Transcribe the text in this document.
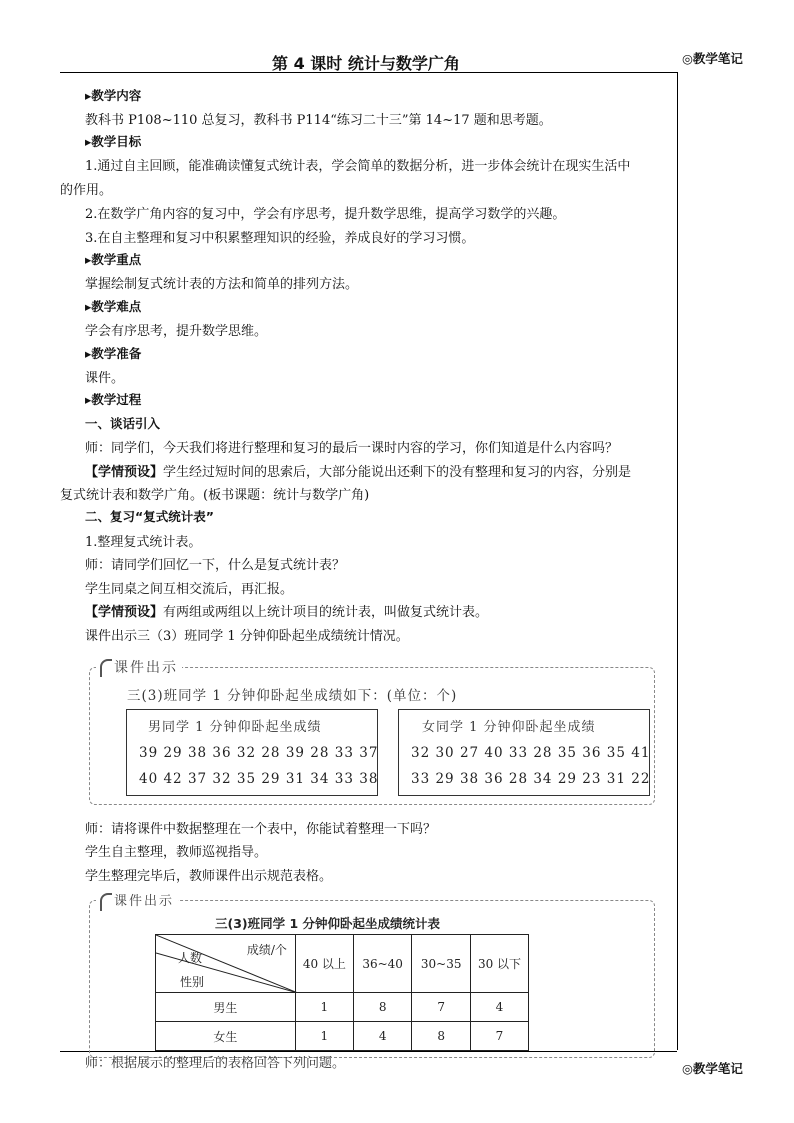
第 4 课时 统计与数学广角	◎教学笔记
◎教学笔记
▸教学内容
教科书 P108~110 总复习，教科书 P114“练习二十三”第 14~17 题和思考题。
▸教学目标
1.通过自主回顾，能准确读懂复式统计表，学会简单的数据分析，进一步体会统计在现实生活中
的作用。
2.在数学广角内容的复习中，学会有序思考，提升数学思维，提高学习数学的兴趣。
3.在自主整理和复习中积累整理知识的经验，养成良好的学习习惯。
▸教学重点
掌握绘制复式统计表的方法和简单的排列方法。
▸教学难点
学会有序思考，提升数学思维。
▸教学准备
课件。
▸教学过程
一、谈话引入
师：同学们，今天我们将进行整理和复习的最后一课时内容的学习，你们知道是什么内容吗？
【学情预设】学生经过短时间的思索后，大部分能说出还剩下的没有整理和复习的内容，分别是
复式统计表和数学广角。(板书课题：统计与数学广角)
二、复习“复式统计表”
1.整理复式统计表。
师：请同学们回忆一下，什么是复式统计表？
学生同桌之间互相交流后，再汇报。
【学情预设】有两组或两组以上统计项目的统计表，叫做复式统计表。
课件出示三（3）班同学 1 分钟仰卧起坐成绩统计情况。
课件出示
三(3)班同学 1 分钟仰卧起坐成绩如下：(单位：个)
男同学 1 分钟仰卧起坐成绩
39 29 38 36 32 28 39 28 33 37
40 42 37 32 35 29 31 34 33 38
女同学 1 分钟仰卧起坐成绩
32 30 27 40 33 28 35 36 35 41
33 29 38 36 28 34 29 23 31 22
师：请将课件中数据整理在一个表中，你能试着整理一下吗？
学生自主整理，教师巡视指导。
学生整理完毕后，教师课件出示规范表格。
课件出示
三(3)班同学 1 分钟仰卧起坐成绩统计表
成绩/个
人数
性别	40 以上	36~40	30~35	30 以下
男生	1	8	7	4
女生	1	4	8	7
师：根据展示的整理后的表格回答下列问题。
